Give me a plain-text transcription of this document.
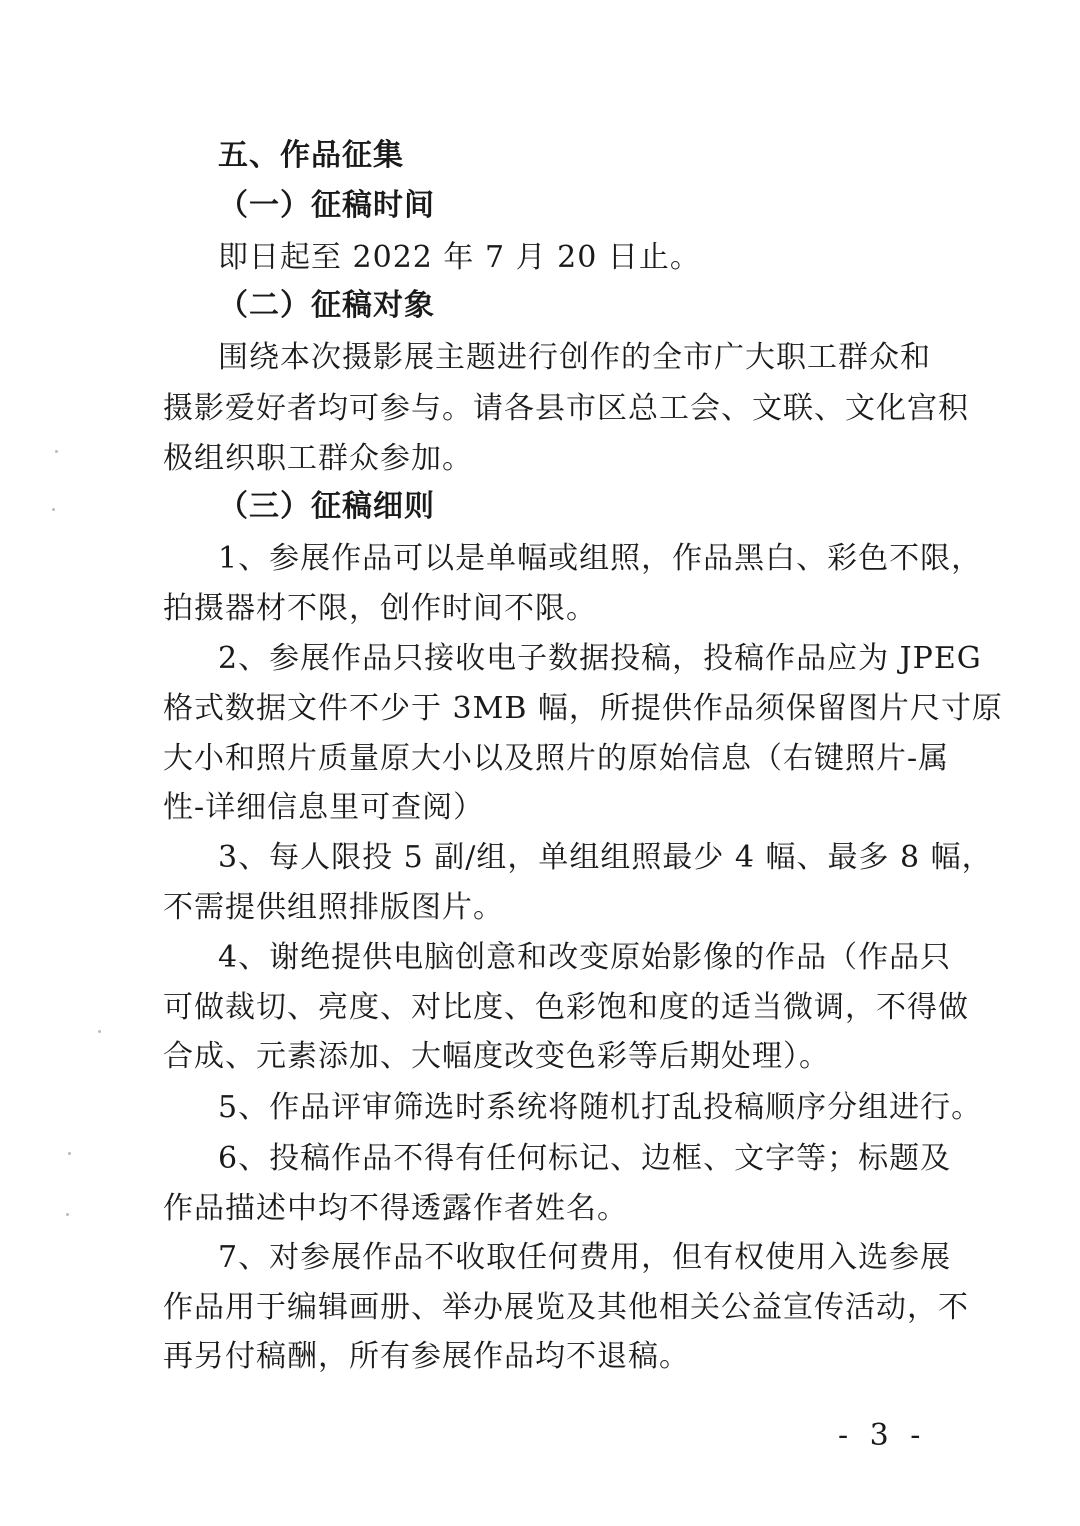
五、作品征集
（一）征稿时间
即日起至 2022 年 7 月 20 日止。
（二）征稿对象
围绕本次摄影展主题进行创作的全市广大职工群众和
摄影爱好者均可参与。请各县市区总工会、文联、文化宫积
极组织职工群众参加。
（三）征稿细则
1、参展作品可以是单幅或组照，作品黑白、彩色不限，
拍摄器材不限，创作时间不限。
2、参展作品只接收电子数据投稿，投稿作品应为 JPEG
格式数据文件不少于 3MB 幅，所提供作品须保留图片尺寸原
大小和照片质量原大小以及照片的原始信息（右键照片-属
性-详细信息里可查阅）
3、每人限投 5 副/组，单组组照最少 4 幅、最多 8 幅，
不需提供组照排版图片。
4、谢绝提供电脑创意和改变原始影像的作品（作品只
可做裁切、亮度、对比度、色彩饱和度的适当微调，不得做
合成、元素添加、大幅度改变色彩等后期处理）。
5、作品评审筛选时系统将随机打乱投稿顺序分组进行。
6、投稿作品不得有任何标记、边框、文字等；标题及
作品描述中均不得透露作者姓名。
7、对参展作品不收取任何费用，但有权使用入选参展
作品用于编辑画册、举办展览及其他相关公益宣传活动，不
再另付稿酬，所有参展作品均不退稿。
- 3 -
